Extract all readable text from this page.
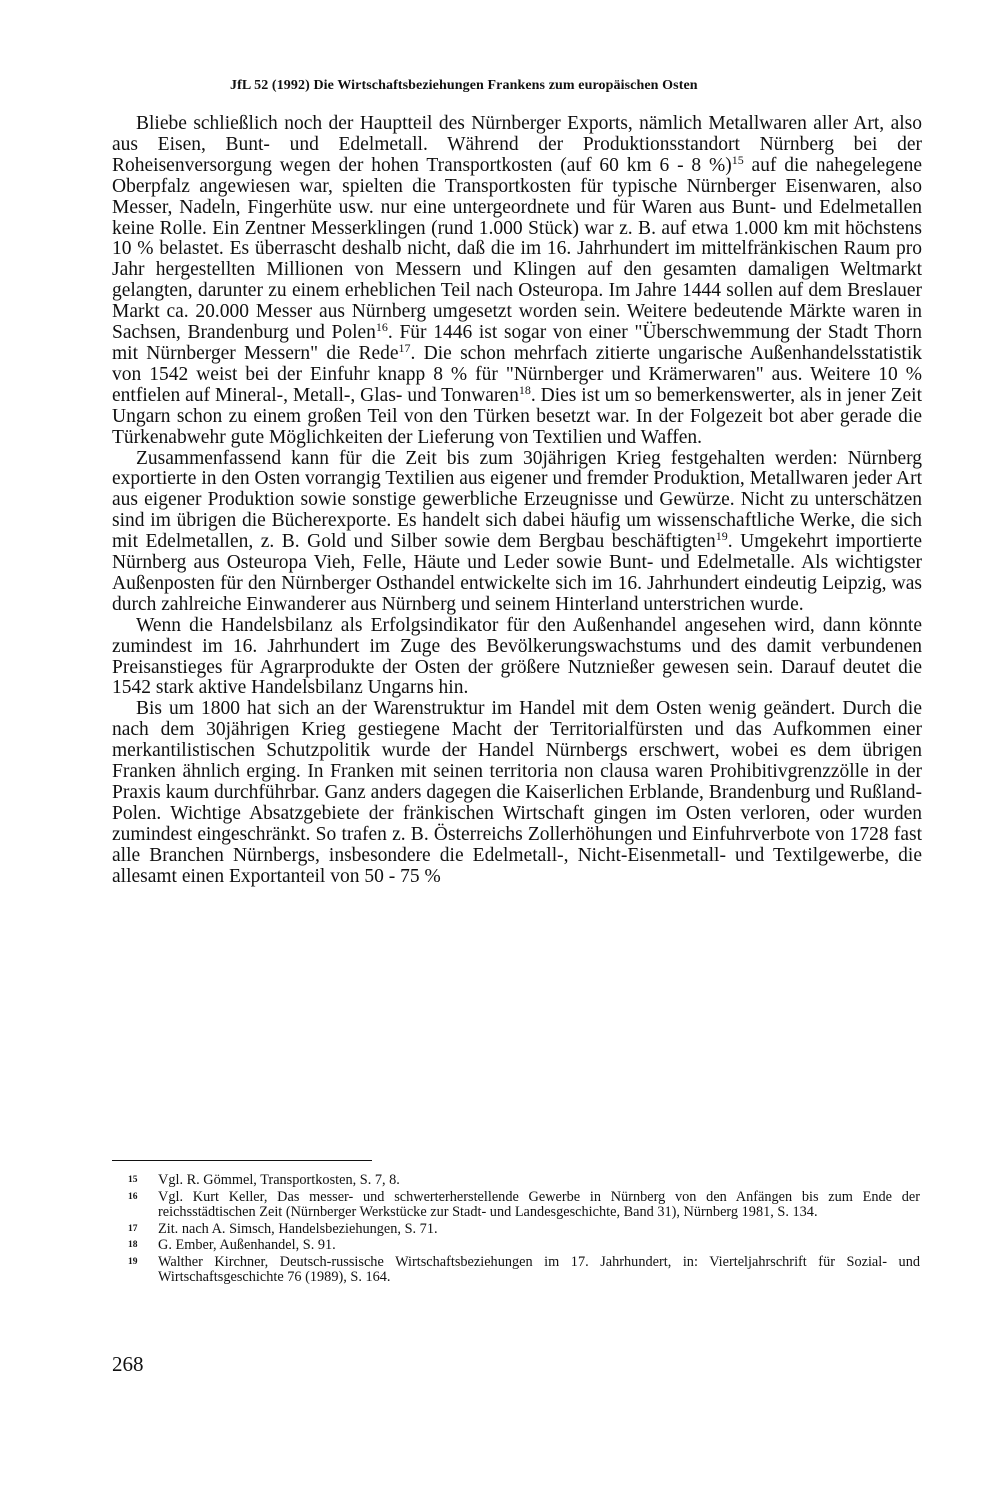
JfL 52 (1992) Die Wirtschaftsbeziehungen Frankens zum europäischen Osten

Bliebe schließlich noch der Hauptteil des Nürnberger Exports, nämlich Metallwaren aller Art, also aus Eisen, Bunt- und Edelmetall. Während der Produktionsstandort Nürnberg bei der Roheisenversorgung wegen der hohen Transportkosten (auf 60 km 6 - 8 %)$^{15}$ auf die nahegelegene Oberpfalz angewiesen war, spielten die Transportkosten für typische Nürnberger Eisenwaren, also Messer, Nadeln, Fingerhüte usw. nur eine untergeordnete und für Waren aus Bunt- und Edelmetallen keine Rolle. Ein Zentner Messerklingen (rund 1.000 Stück) war z. B. auf etwa 1.000 km mit höchstens 10 % belastet. Es überrascht deshalb nicht, daß die im 16. Jahrhundert im mittelfränkischen Raum pro Jahr hergestellten Millionen von Messern und Klingen auf den gesamten damaligen Weltmarkt gelangten, darunter zu einem erheblichen Teil nach Osteuropa. Im Jahre 1444 sollen auf dem Breslauer Markt ca. 20.000 Messer aus Nürnberg umgesetzt worden sein. Weitere bedeutende Märkte waren in Sachsen, Brandenburg und Polen$^{16}$. Für 1446 ist sogar von einer "Überschwemmung der Stadt Thorn mit Nürnberger Messern" die Rede$^{17}$. Die schon mehrfach zitierte ungarische Außenhandelsstatistik von 1542 weist bei der Einfuhr knapp 8 % für "Nürnberger und Krämerwaren" aus. Weitere 10 % entfielen auf Mineral-, Metall-, Glas- und Tonwaren$^{18}$. Dies ist um so bemerkenswerter, als in jener Zeit Ungarn schon zu einem großen Teil von den Türken besetzt war. In der Folgezeit bot aber gerade die Türkenabwehr gute Möglichkeiten der Lieferung von Textilien und Waffen.

Zusammenfassend kann für die Zeit bis zum 30jährigen Krieg festgehalten werden: Nürnberg exportierte in den Osten vorrangig Textilien aus eigener und fremder Produktion, Metallwaren jeder Art aus eigener Produktion sowie sonstige gewerbliche Erzeugnisse und Gewürze. Nicht zu unterschätzen sind im übrigen die Bücherexporte. Es handelt sich dabei häufig um wissenschaftliche Werke, die sich mit Edelmetallen, z. B. Gold und Silber sowie dem Bergbau beschäftigten$^{19}$. Umgekehrt importierte Nürnberg aus Osteuropa Vieh, Felle, Häute und Leder sowie Bunt- und Edelmetalle. Als wichtigster Außenposten für den Nürnberger Osthandel entwickelte sich im 16. Jahrhundert eindeutig Leipzig, was durch zahlreiche Einwanderer aus Nürnberg und seinem Hinterland unterstrichen wurde.

Wenn die Handelsbilanz als Erfolgsindikator für den Außenhandel angesehen wird, dann könnte zumindest im 16. Jahrhundert im Zuge des Bevölkerungswachstums und des damit verbundenen Preisanstieges für Agrarprodukte der Osten der größere Nutznießer gewesen sein. Darauf deutet die 1542 stark aktive Handelsbilanz Ungarns hin.

Bis um 1800 hat sich an der Warenstruktur im Handel mit dem Osten wenig geändert. Durch die nach dem 30jährigen Krieg gestiegene Macht der Territorialfürsten und das Aufkommen einer merkantilistischen Schutzpolitik wurde der Handel Nürnbergs erschwert, wobei es dem übrigen Franken ähnlich erging. In Franken mit seinen territoria non clausa waren Prohibitivgrenzzölle in der Praxis kaum durchführbar. Ganz anders dagegen die Kaiserlichen Erblande, Brandenburg und Rußland-Polen. Wichtige Absatzgebiete der fränkischen Wirtschaft gingen im Osten verloren, oder wurden zumindest eingeschränkt. So trafen z. B. Österreichs Zollerhöhungen und Einfuhrverbote von 1728 fast alle Branchen Nürnbergs, insbesondere die Edelmetall-, Nicht-Eisenmetall- und Textilgewerbe, die allesamt einen Exportanteil von 50 - 75 %

15 Vgl. R. Gömmel, Transportkosten, S. 7, 8.
16 Vgl. Kurt Keller, Das messer- und schwerterherstellende Gewerbe in Nürnberg von den Anfängen bis zum Ende der reichsstädtischen Zeit (Nürnberger Werkstücke zur Stadt- und Landesgeschichte, Band 31), Nürnberg 1981, S. 134.
17 Zit. nach A. Simsch, Handelsbeziehungen, S. 71.
18 G. Ember, Außenhandel, S. 91.
19 Walther Kirchner, Deutsch-russische Wirtschaftsbeziehungen im 17. Jahrhundert, in: Vierteljahrschrift für Sozial- und Wirtschaftsgeschichte 76 (1989), S. 164.
268
